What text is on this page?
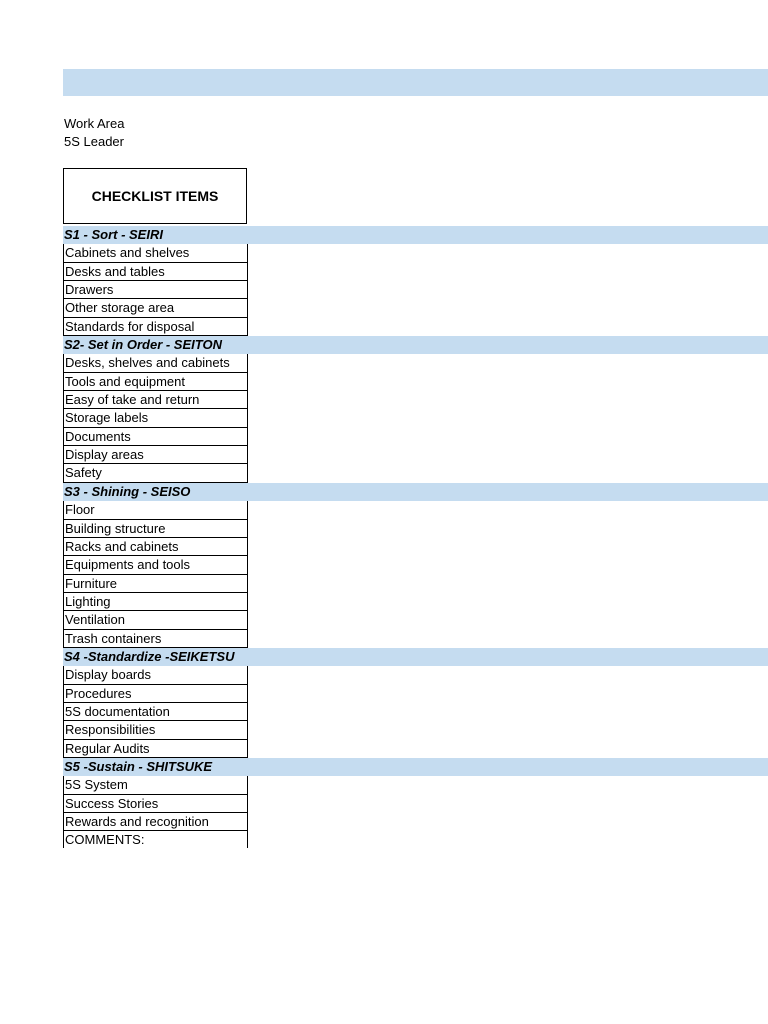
Work Area
5S Leader
CHECKLIST ITEMS
S1 - Sort - SEIRI
Cabinets and shelves
Desks and tables
Drawers
Other storage area
Standards for disposal
S2- Set in Order - SEITON
Desks, shelves and cabinets
Tools and equipment
Easy of take and return
Storage labels
Documents
Display areas
Safety
S3 - Shining - SEISO
Floor
Building structure
Racks and cabinets
Equipments and tools
Furniture
Lighting
Ventilation
Trash containers
S4 -Standardize -SEIKETSU
Display boards
Procedures
5S documentation
Responsibilities
Regular Audits
S5 -Sustain - SHITSUKE
5S System
Success Stories
Rewards and recognition
COMMENTS:
